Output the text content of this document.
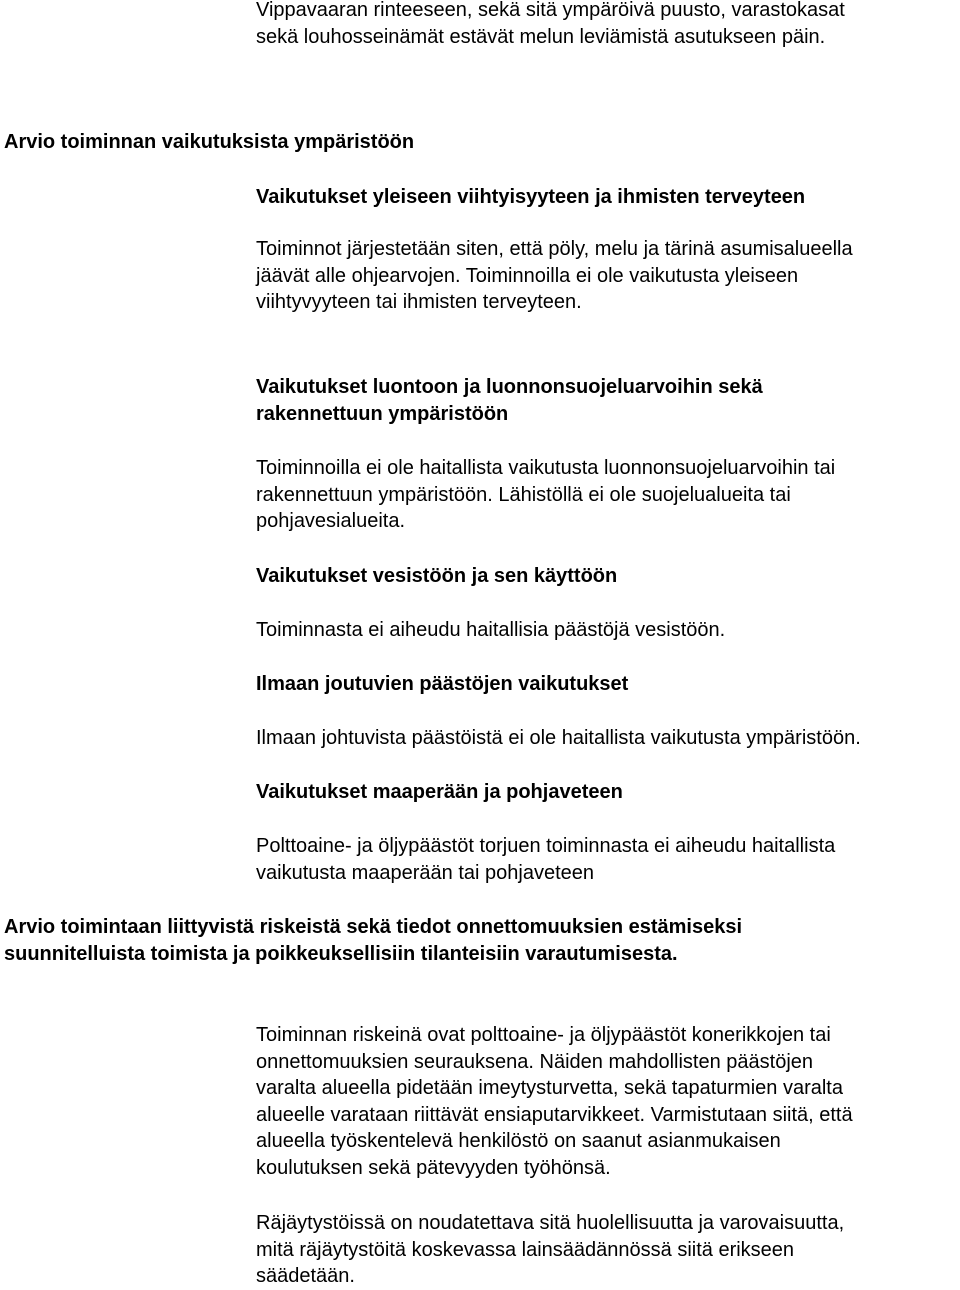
Vippavaaran rinteeseen, sekä sitä ympäröivä puusto, varastokasat
sekä louhosseinämät estävät melun leviämistä asutukseen päin.
Arvio toiminnan vaikutuksista ympäristöön
Vaikutukset yleiseen viihtyisyyteen ja ihmisten terveyteen
Toiminnot järjestetään siten, että pöly, melu ja tärinä asumisalueella
jäävät alle ohjearvojen. Toiminnoilla ei ole vaikutusta yleiseen
viihtyvyyteen tai ihmisten terveyteen.
Vaikutukset luontoon ja luonnonsuojeluarvoihin sekä
rakennettuun ympäristöön
Toiminnoilla ei ole haitallista vaikutusta luonnonsuojeluarvoihin tai
rakennettuun ympäristöön. Lähistöllä ei ole suojelualueita tai
pohjavesialueita.
Vaikutukset vesistöön ja sen käyttöön
Toiminnasta ei aiheudu haitallisia päästöjä vesistöön.
Ilmaan joutuvien päästöjen vaikutukset
Ilmaan johtuvista päästöistä ei ole haitallista vaikutusta ympäristöön.
Vaikutukset maaperään ja pohjaveteen
Polttoaine- ja öljypäästöt torjuen toiminnasta ei aiheudu haitallista
vaikutusta maaperään tai pohjaveteen
Arvio toimintaan liittyvistä riskeistä sekä tiedot onnettomuuksien estämiseksi
suunnitelluista toimista ja poikkeuksellisiin tilanteisiin varautumisesta.
Toiminnan riskeinä ovat polttoaine- ja öljypäästöt konerikkojen tai
onnettomuuksien seurauksena. Näiden mahdollisten päästöjen
varalta alueella pidetään imeytysturvetta, sekä tapaturmien varalta
alueelle varataan riittävät ensiaputarvikkeet. Varmistutaan siitä, että
alueella työskentelevä henkilöstö on saanut asianmukaisen
koulutuksen sekä pätevyyden työhönsä.
Räjäytystöissä on noudatettava sitä huolellisuutta ja varovaisuutta,
mitä räjäytystöitä koskevassa lainsäädännössä siitä erikseen
säädetään.
